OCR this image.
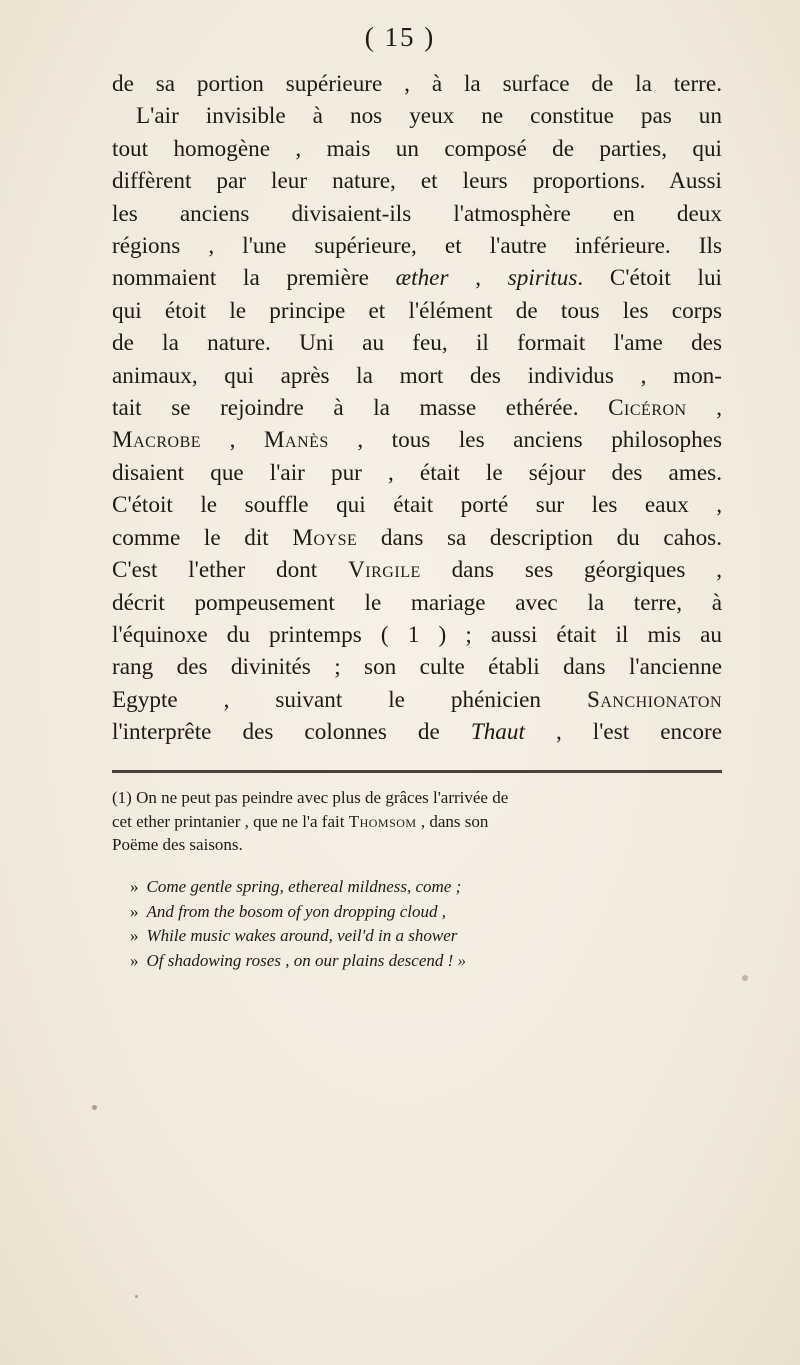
( 15 )
de sa portion supérieure , à la surface de la terre.
L'air invisible à nos yeux ne constitue pas un
tout homogène , mais un composé de parties, qui
diffèrent par leur nature, et leurs proportions. Aussi
les anciens divisaient-ils l'atmosphère en deux
régions , l'une supérieure, et l'autre inférieure. Ils
nommaient la première æther , spiritus. C'étoit lui
qui étoit le principe et l'élément de tous les corps
de la nature. Uni au feu, il formait l'ame des
animaux, qui après la mort des individus , mon-
tait se rejoindre à la masse ethérée. Cicéron ,
Macrobe , Manès , tous les anciens philosophes
disaient que l'air pur , était le séjour des ames.
C'étoit le souffle qui était porté sur les eaux ,
comme le dit Moyse dans sa description du cahos.
C'est l'ether dont Virgile dans ses géorgiques ,
décrit pompeusement le mariage avec la terre, à
l'équinoxe du printemps ( 1 ) ; aussi était il mis au
rang des divinités ; son culte établi dans l'ancienne
Egypte , suivant le phénicien Sanchionaton
l'interprête des colonnes de Thaut , l'est encore
(1) On ne peut pas peindre avec plus de grâces l'arrivée de
cet ether printanier , que ne l'a fait Thomsom , dans son
Poëme des saisons.
» Come gentle spring, ethereal mildness, come ;
» And from the bosom of yon dropping cloud ,
» While music wakes around, veil'd in a shower
» Of shadowing roses , on our plains descend ! »
